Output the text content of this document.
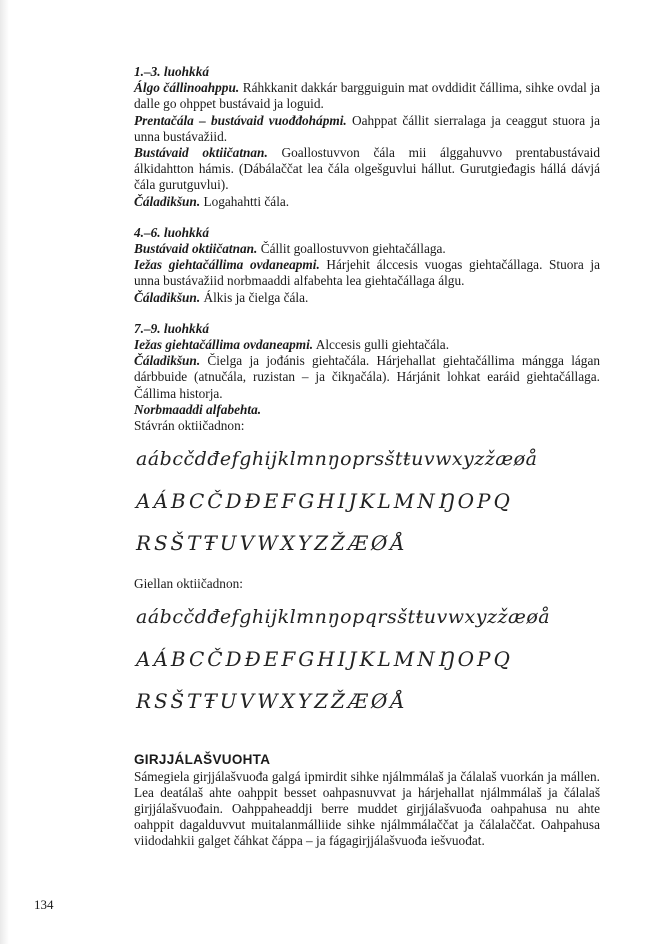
1.–3. luohkká

Álgo čállinoahppu. Ráhkkanit dakkár bargguiguin mat ovddidit čállima, sihke ovdal ja dalle go ohppet bustávaid ja loguid.

Prentačála – bustávaid vuođđohápmi. Oahppat čállit sierralaga ja ceaggut stuora ja unna bustávažiid.

Bustávaid oktiičatnan. Goallostuvvon čála mii álggahuvvo prentabustávaid álkidahtton hámis. (Dábálaččat lea čála olgešguvlui hállut. Gurutgieđagis hállá dávjá čála gurutguvlui).

Čáladikšun. Logahahtti čála.

4.–6. luohkká

Bustávaid oktiičatnan. Čállit goallostuvvon giehtačállaga.

Iežas giehtačállima ovdaneapmi. Hárjehit álccesis vuogas giehtačállaga. Stuora ja unna bustávažiid norbmaaddi alfabehta lea giehtačállaga álgu.

Čáladikšun. Álkis ja čielga čála.

7.–9. luohkká

Iežas giehtačállima ovdaneapmi. Alccesis gulli giehtačála.

Čáladikšun. Čielga ja jođánis giehtačála. Hárjehallat giehtačállima mángga lágan dárbbuide (atnučála, ruzistan – ja čikŋačála). Hárjánit lohkat earáid giehtačállaga. Čállima historja.

Norbmaaddi alfabehta.

Stávrán oktiičadnon:

aábcčdđefghijklmnŋoprsštŧuvwxyzžæøå
AÁBCČDĐEFGHIJKLMNŊOPQ
RSŠTŦUVWXYZŽÆØÅ

Giellan oktiičadnon:

aábcčdđefghijklmnŋopqrsštŧuvwxyzžæøå
AÁBCČDĐEFGHIJKLMNŊOPQ
RSŠTŦUVWXYZŽÆØÅ

GIRJJÁLAŠVUOHTA

Sámegiela girjjálašvuođa galgá ipmirdit sihke njálmmálaš ja čálalaš vuorkán ja mállen. Lea deatálaš ahte oahppit besset oahpasnuvvat ja hárjehallat njálmmálaš ja čálalaš girjjálašvuođain. Oahppaheaddji berre muddet girjjálašvuođa oahpahusa nu ahte oahppit dagalduvvut muitalanmálliide sihke njálmmálaččat ja čálalaččat. Oahpahusa viidodahkii galget čáhkat čáppa – ja fágagirjjálašvuođa iešvuođat.

134
